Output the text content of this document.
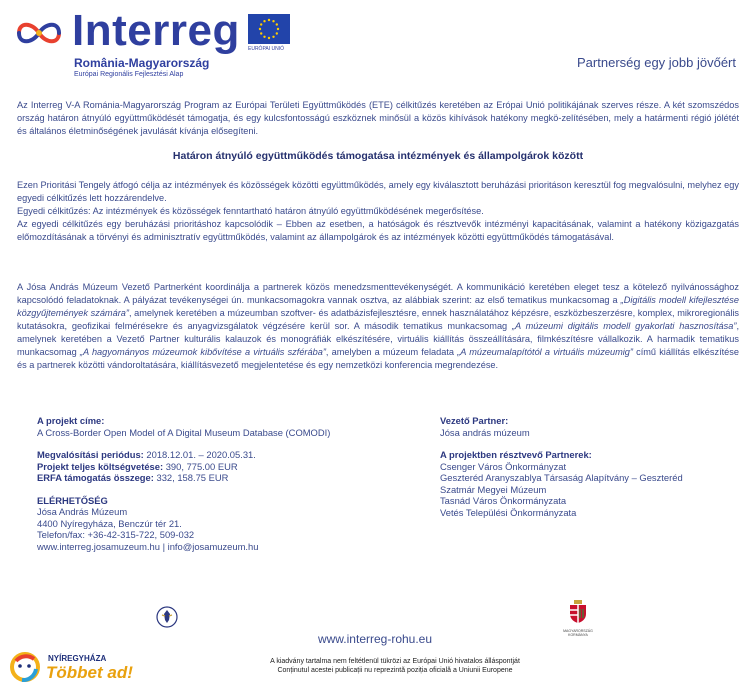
Interreg EURÓPAI UNIÓ
România-Magyarország
Európai Regionális Fejlesztési Alap
Partnerség egy jobb jövőért
Az Interreg V-A Románia-Magyarország Program az Európai Területi Együttműködés (ETE) célkitűzés keretében az Erópai Unió politikájának szerves része. A két szomszédos ország határon átnyúló együttműködését támogatja, és egy kulcsfontosságú eszköznek minősül a közös kihívások hatékony megkö-zelítésében, mely a határmenti régió jólétét és általános életminőségének javulását kívánja elősegíteni.
Határon átnyúló együttműködés támogatása intézmények és állampolgárok között
Ezen Prioritási Tengely átfogó célja az intézmények és közösségek közötti együttműködés, amely egy kiválasztott beruházási prioritáson keresztül fog megvalósulni, melyhez egy egyedi célkitűzés lett hozzárendelve.
Egyedi célkitűzés: Az intézmények és közösségek fenntartható határon átnyúló együttműködésének megerősítése.
Az egyedi célkitűzés egy beruházási prioritáshoz kapcsolódik – Ebben az esetben, a hatóságok és résztvevők intézményi kapacitásának, valamint a hatékony közigazgatás előmozdításának a törvényi és adminisztratív együttműködés, valamint az állampolgárok és az intézmények közötti együttműködés támogatásával.
A Jósa András Múzeum Vezető Partnerként koordinálja a partnerek közös menedzsmenttevékenységét. A kommunikáció keretében eleget tesz a kötelező nyilvánossághoz kapcsolódó feladatoknak. A pályázat tevékenységei ún. munkacsomagokra vannak osztva, az alábbiak szerint: az első tematikus munkacsomag a „Digitális modell kifejlesztése közgyűjtemények számára”, amelynek keretében a múzeumban szoftver- és adatbázisfejlesztésre, ennek használatához képzésre, eszközbeszerzésre, komplex, mikroregionális kutatásokra, geofizikai felmérésekre és anyagvizsgálatok végzésére kerül sor. A második tematikus munkacsomag „A múzeumi digitális modell gyakorlati hasznosítása”, amelynek keretében a Vezető Partner kulturális kalauzok és monográfiák elkészítésére, virtuális kiállítás összeállítására, filmkészítésre vállalkozik. A harmadik tematikus munkacsomag „A hagyományos múzeumok kibővítése a virtuális szférába”, amelyben a múzeum feladata „A múzeumalapítótól a virtuális múzeumig” című kiállítás elkészítése és a partnerek közötti vándoroltatására, kiállításvezető megjelentetése és egy nemzetközi konferencia megrendezése.
A projekt címe:
A Cross-Border Open Model of A Digital Museum Database (COMODI)
Megvalósítási periódus: 2018.12.01. – 2020.05.31.
Projekt teljes költségvetése: 390, 775.00 EUR
ERFA támogatás összege: 332, 158.75 EUR
ELÉRHETŐSÉG
Jósa András Múzeum
4400 Nyíregyháza, Benczúr tér 21.
Telefon/fax: +36-42-315-722, 509-032
www.interreg.josamuzeum.hu | info@josamuzeum.hu
Vezető Partner:
Jósa andrás múzeum
A projektben résztvevő Partnerek:
Csenger Város Önkormányzat
Geszteréd Aranyszablya Társaság Alapítvány – Geszteréd
Szatmár Megyei Múzeum
Tasnád Város Önkormányzata
Vetés Települési Önkormányzata
MAGYARORSZÁG KORMÁNYA
www.interreg-rohu.eu
A kiadvány tartalma nem feltétlenül tükrözi az Európai Unió hivatalos álláspontját
Conținutul acestei publicații nu reprezintă poziția oficială a Uniunii Europene
NYÍREGYHÁZA
Többet ad!
